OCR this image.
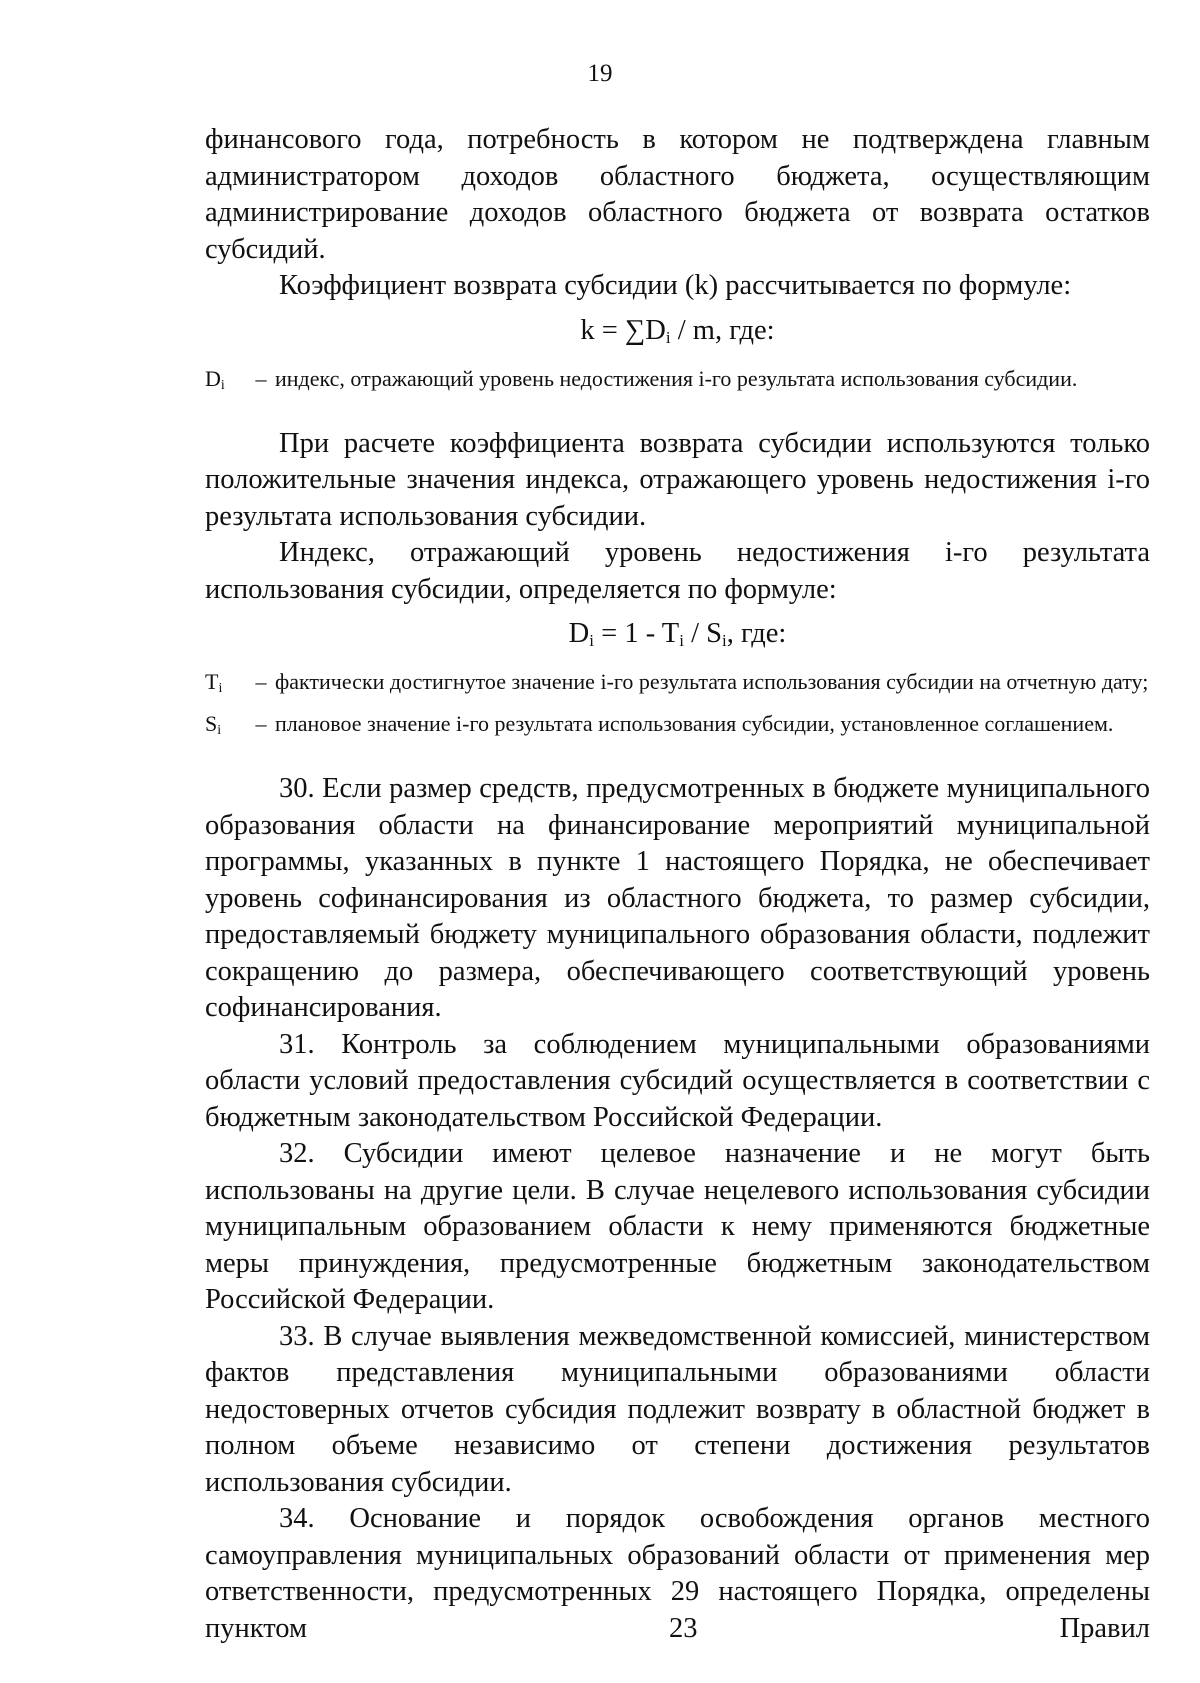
19

финансового года, потребность в котором не подтверждена главным администратором доходов областного бюджета, осуществляющим администрирование доходов областного бюджета от возврата остатков субсидий.

Коэффициент возврата субсидии (k) рассчитывается по формуле:

$k = \sum D_i / m$, где:
$D_i$	– индекс, отражающий уровень недостижения i-го результата использования субсидии.

При расчете коэффициента возврата субсидии используются только положительные значения индекса, отражающего уровень недостижения i-го результата использования субсидии.

Индекс, отражающий уровень недостижения i-го результата использования субсидии, определяется по формуле:

$D_i = 1 - T_i / S_i$, где:
$T_i$	– фактически достигнутое значение i-го результата использования субсидии на отчетную дату;
$S_i$	– плановое значение i-го результата использования субсидии, установленное соглашением.

30. Если размер средств, предусмотренных в бюджете муниципального образования области на финансирование мероприятий муниципальной программы, указанных в пункте 1 настоящего Порядка, не обеспечивает уровень софинансирования из областного бюджета, то размер субсидии, предоставляемый бюджету муниципального образования области, подлежит сокращению до размера, обеспечивающего соответствующий уровень софинансирования.

31. Контроль за соблюдением муниципальными образованиями области условий предоставления субсидий осуществляется в соответствии с бюджетным законодательством Российской Федерации.

32. Субсидии имеют целевое назначение и не могут быть использованы на другие цели. В случае нецелевого использования субсидии муниципальным образованием области к нему применяются бюджетные меры принуждения, предусмотренные бюджетным законодательством Российской Федерации.

33. В случае выявления межведомственной комиссией, министерством фактов представления муниципальными образованиями области недостоверных отчетов субсидия подлежит возврату в областной бюджет в полном объеме независимо от степени достижения результатов использования субсидии.

34. Основание и порядок освобождения органов местного самоуправления муниципальных образований области от применения мер ответственности, предусмотренных 29 настоящего Порядка, определены пунктом 23 Правил
